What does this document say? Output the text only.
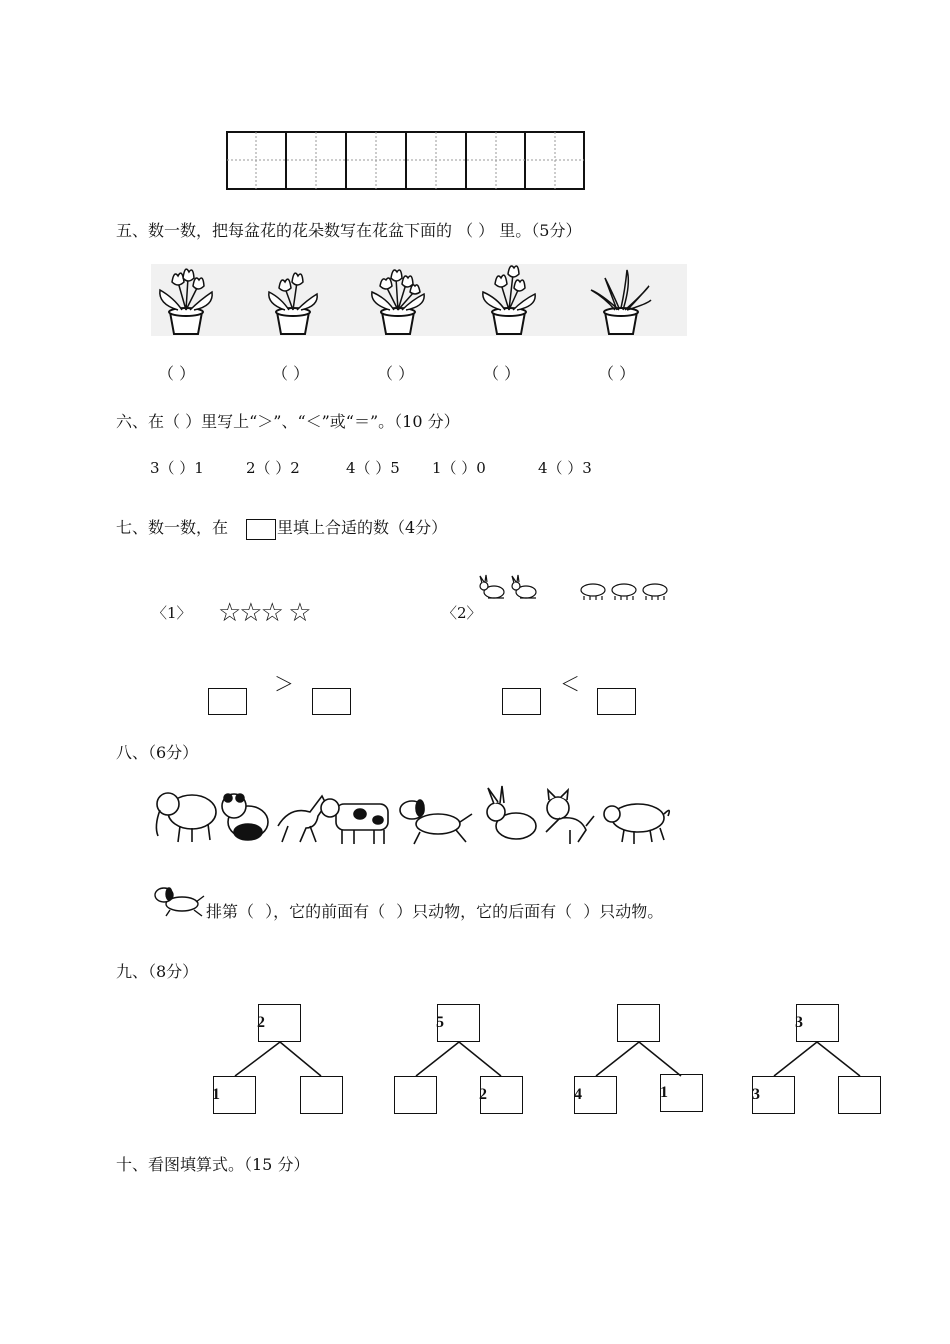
五、数一数，把每盆花的花朵数写在花盆下面的 （ ） 里。（5分）
（ ）	（ ）	（ ）	（ ）	（ ）
六、在（ ）里写上“＞”、“＜”或“＝”。（10 分）
3（ ）1	2（ ）2	4（ ）5 1（ ）0	4（ ）3
七、数一数，在	里填上合适的数（4分）
〈1〉 ☆☆☆ ☆	〈2〉
＞	＜
八、（6分）
排第（ ），它的前面有（ ）只动物，它的后面有（ ）只动物。
九、（8分）
2
1
5
2	4	1
3
3
十、看图填算式。（15 分）
